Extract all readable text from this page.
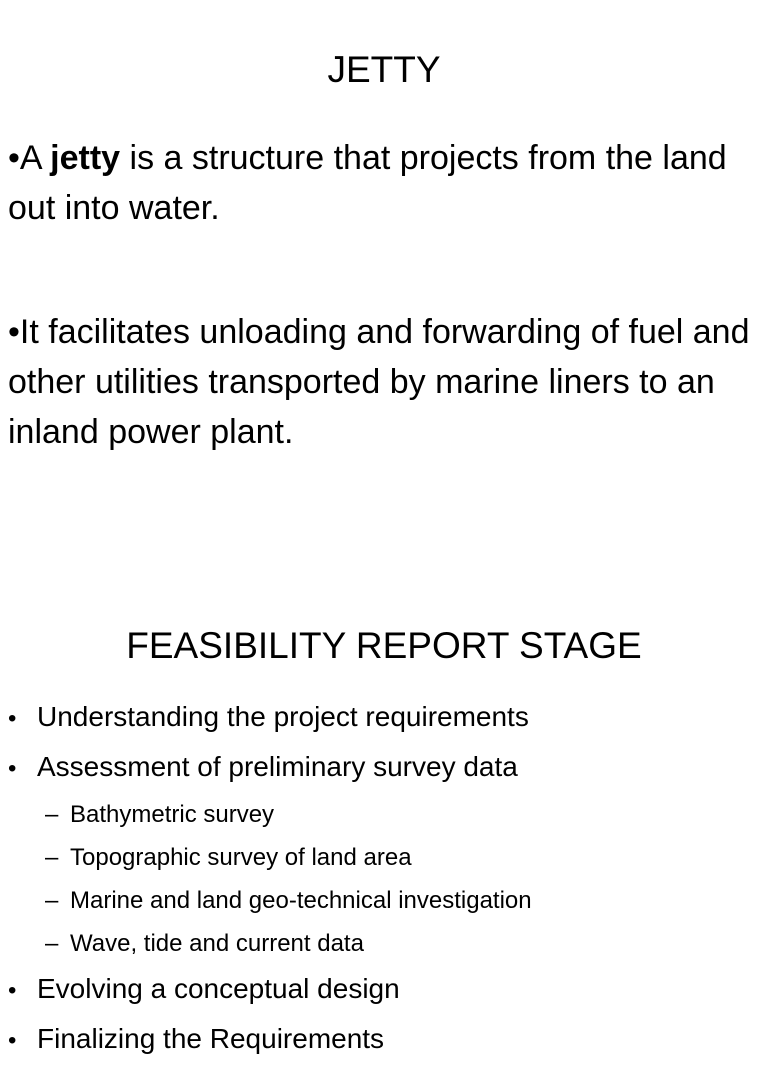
JETTY

•A jetty is a structure that projects from the land out into water.

•It facilitates unloading and forwarding of fuel and other utilities transported by marine liners to an inland power plant.

FEASIBILITY REPORT STAGE
• Understanding the project requirements
• Assessment of preliminary survey data
– Bathymetric survey
– Topographic survey of land area
– Marine and land geo-technical investigation
– Wave, tide and current data
• Evolving a conceptual design
• Finalizing the Requirements
